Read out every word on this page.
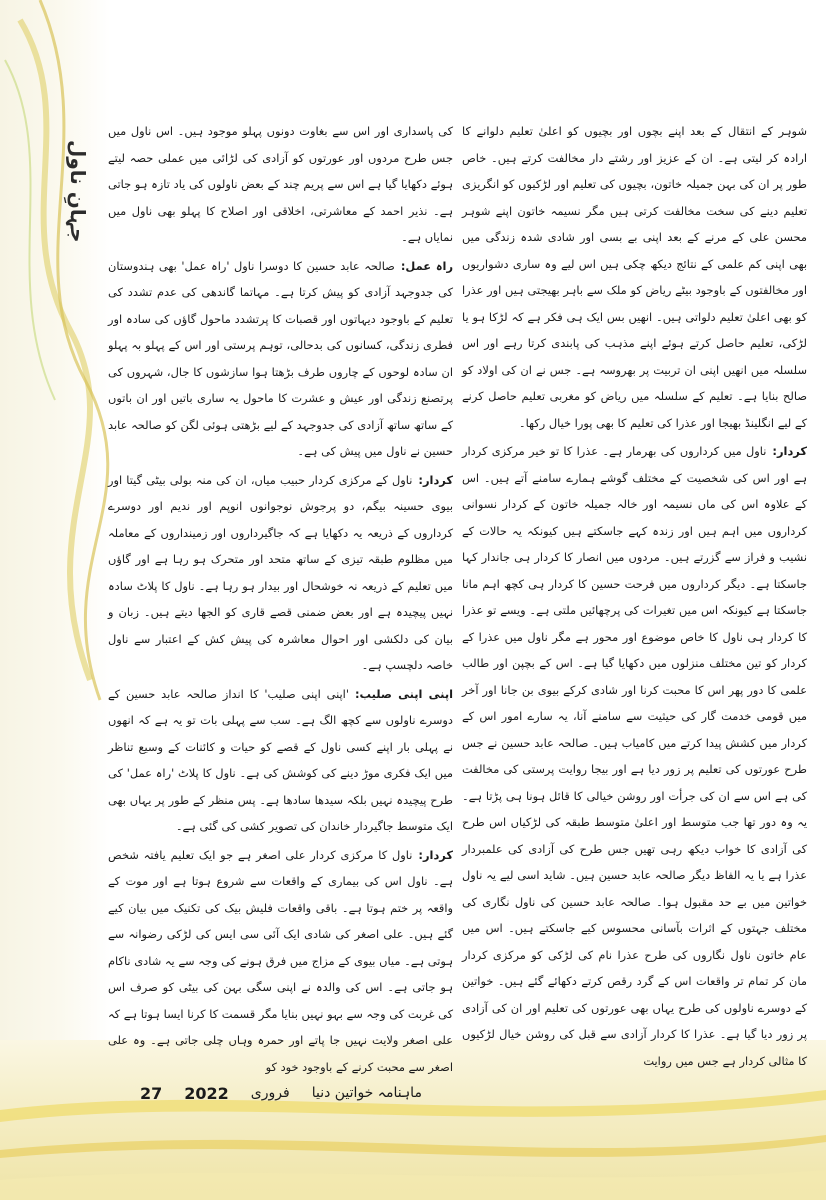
جہانِ ناول

شوہر کے انتقال کے بعد اپنے بچوں اور بچیوں کو اعلیٰ تعلیم دلوانے کا ارادہ کر لیتی ہے۔ ان کے عزیز اور رشتے دار مخالفت کرتے ہیں۔ خاص طور پر ان کی بہن جمیلہ خاتون، بچیوں کی تعلیم اور لڑکیوں کو انگریزی تعلیم دینے کی سخت مخالفت کرتی ہیں مگر نسیمہ خاتون اپنے شوہر محسن علی کے مرنے کے بعد اپنی بے بسی اور شادی شدہ زندگی میں بھی اپنی کم علمی کے نتائج دیکھ چکی ہیں اس لیے وہ ساری دشواریوں اور مخالفتوں کے باوجود بیٹے ریاض کو ملک سے باہر بھیجتی ہیں اور عذرا کو بھی اعلیٰ تعلیم دلواتی ہیں۔ انھیں بس ایک ہی فکر ہے کہ لڑکا ہو یا لڑکی، تعلیم حاصل کرتے ہوئے اپنے مذہب کی پابندی کرتا رہے اور اس سلسلہ میں انھیں اپنی ان تربیت پر بھروسہ ہے۔ جس نے ان کی اولاد کو صالح بنایا ہے۔ تعلیم کے سلسلہ میں ریاض کو مغربی تعلیم حاصل کرنے کے لیے انگلینڈ بھیجا اور عذرا کی تعلیم کا بھی پورا خیال رکھا۔

کردار:ناول میں کرداروں کی بھرمار ہے۔ عذرا کا تو خیر مرکزی کردار ہے اور اس کی شخصیت کے مختلف گوشے ہمارے سامنے آتے ہیں۔ اس کے علاوہ اس کی ماں نسیمہ اور خالہ جمیلہ خاتون کے کردار نسوانی کرداروں میں اہم ہیں اور زندہ کہے جاسکتے ہیں کیونکہ یہ حالات کے نشیب و فراز سے گزرتے ہیں۔ مردوں میں انصار کا کردار ہی جاندار کہا جاسکتا ہے۔ دیگر کرداروں میں فرحت حسین کا کردار ہی کچھ اہم مانا جاسکتا ہے کیونکہ اس میں تغیرات کی پرچھائیں ملتی ہے۔ ویسے تو عذرا کا کردار ہی ناول کا خاص موضوع اور محور ہے مگر ناول میں عذرا کے کردار کو تین مختلف منزلوں میں دکھایا گیا ہے۔ اس کے بچپن اور طالب علمی کا دور پھر اس کا محبت کرنا اور شادی کرکے بیوی بن جانا اور آخر میں قومی خدمت گار کی حیثیت سے سامنے آنا، یہ سارے امور اس کے کردار میں کشش پیدا کرتے میں کامیاب ہیں۔ صالحہ عابد حسین نے جس طرح عورتوں کی تعلیم پر زور دیا ہے اور بیجا روایت پرستی کی مخالفت کی ہے اس سے ان کی جرأت اور روشن خیالی کا قائل ہونا ہی پڑتا ہے۔ یہ وہ دور تھا جب متوسط اور اعلیٰ متوسط طبقہ کی لڑکیاں اس طرح کی آزادی کا خواب دیکھ رہی تھیں جس طرح کی آزادی کی علمبردار عذرا ہے یا یہ الفاظ دیگر صالحہ عابد حسین ہیں۔ شاید اسی لیے یہ ناول خواتین میں بے حد مقبول ہوا۔ صالحہ عابد حسین کی ناول نگاری کی مختلف جہتوں کے اثرات بآسانی محسوس کیے جاسکتے ہیں۔ اس میں عام خاتون ناول نگاروں کی طرح عذرا نام کی لڑکی کو مرکزی کردار مان کر تمام تر واقعات اس کے گرد رقص کرتے دکھائے گئے ہیں۔ خواتین کے دوسرے ناولوں کی طرح یہاں بھی عورتوں کی تعلیم اور ان کی آزادی پر زور دیا گیا ہے۔ عذرا کا کردار آزادی سے قبل کی روشن خیال لڑکیوں کا مثالی کردار ہے جس میں روایت

کی پاسداری اور اس سے بغاوت دونوں پہلو موجود ہیں۔ اس ناول میں جس طرح مردوں اور عورتوں کو آزادی کی لڑائی میں عملی حصہ لیتے ہوئے دکھایا گیا ہے اس سے پریم چند کے بعض ناولوں کی یاد تازہ ہو جاتی ہے۔ نذیر احمد کے معاشرتی، اخلاقی اور اصلاح کا پہلو بھی ناول میں نمایاں ہے۔

راہ عمل:صالحہ عابد حسین کا دوسرا ناول 'راہ عمل' بھی ہندوستان کی جدوجہد آزادی کو پیش کرتا ہے۔ مہاتما گاندھی کی عدم تشدد کی تعلیم کے باوجود دیہاتوں اور قصبات کا پرتشدد ماحول گاؤں کی سادہ اور فطری زندگی، کسانوں کی بدحالی، توہم پرستی اور اس کے پہلو بہ پہلو ان سادہ لوحوں کے چاروں طرف بڑھتا ہوا سازشوں کا جال، شہروں کی پرتصنع زندگی اور عیش و عشرت کا ماحول یہ ساری باتیں اور ان باتوں کے ساتھ ساتھ آزادی کی جدوجہد کے لیے بڑھتی ہوئی لگن کو صالحہ عابد حسین نے ناول میں پیش کی ہے۔

کردار:ناول کے مرکزی کردار حبیب میاں، ان کی منہ بولی بیٹی گیتا اور بیوی حسینہ بیگم، دو پرجوش نوجوانوں انوپم اور ندیم اور دوسرے کرداروں کے ذریعہ یہ دکھایا ہے کہ جاگیرداروں اور زمینداروں کے معاملہ میں مظلوم طبقہ تیزی کے ساتھ متحد اور متحرک ہو رہا ہے اور گاؤں میں تعلیم کے ذریعہ نہ خوشحال اور بیدار ہو رہا ہے۔ ناول کا پلاٹ سادہ نہیں پیچیدہ ہے اور بعض ضمنی قصے قاری کو الجھا دیتے ہیں۔ زبان و بیان کی دلکشی اور احوال معاشرہ کی پیش کش کے اعتبار سے ناول خاصہ دلچسپ ہے۔

اپنی اپنی صلیب:'اپنی اپنی صلیب' کا انداز صالحہ عابد حسین کے دوسرے ناولوں سے کچھ الگ ہے۔ سب سے پہلی بات تو یہ ہے کہ انھوں نے پہلی بار اپنے کسی ناول کے قصے کو حیات و کائنات کے وسیع تناظر میں ایک فکری موڑ دینے کی کوشش کی ہے۔ ناول کا پلاٹ 'راہ عمل' کی طرح پیچیدہ نہیں بلکہ سیدھا سادھا ہے۔ پس منظر کے طور پر یہاں بھی ایک متوسط جاگیردار خاندان کی تصویر کشی کی گئی ہے۔

کردار:ناول کا مرکزی کردار علی اصغر ہے جو ایک تعلیم یافتہ شخص ہے۔ ناول اس کی بیماری کے واقعات سے شروع ہوتا ہے اور موت کے واقعہ پر ختم ہوتا ہے۔ باقی واقعات فلیش بیک کی تکنیک میں بیان کیے گئے ہیں۔ علی اصغر کی شادی ایک آئی سی ایس کی لڑکی رضوانہ سے ہوتی ہے۔ میاں بیوی کے مزاج میں فرق ہونے کی وجہ سے یہ شادی ناکام ہو جاتی ہے۔ اس کی والدہ نے اپنی سگی بہن کی بیٹی کو صرف اس کی غربت کی وجہ سے بہو نہیں بنایا مگر قسمت کا کرنا ایسا ہوتا ہے کہ علی اصغر ولایت نہیں جا پاتے اور حمرہ وہاں چلی جاتی ہے۔ وہ علی اصغر سے محبت کرنے کے باوجود خود کو

27 2022 فروری ماہنامہ خواتین دنیا
